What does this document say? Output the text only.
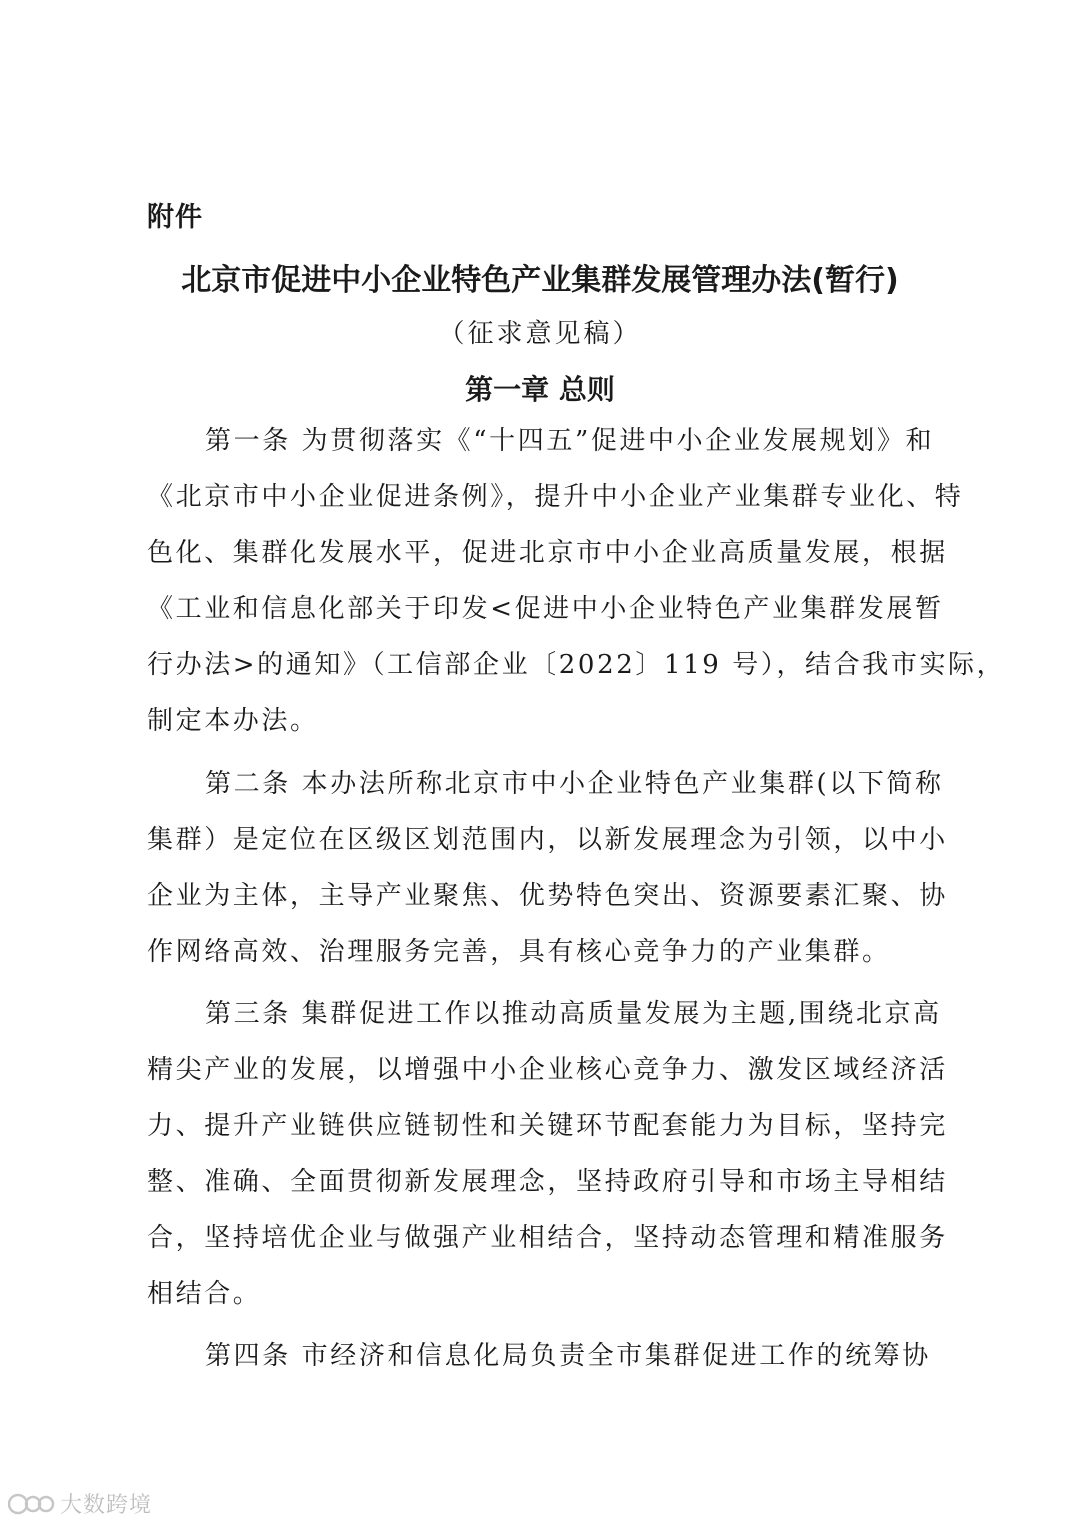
附件
北京市促进中小企业特色产业集群发展管理办法(暂行)
（征求意见稿）
第一章 总则

第一条 为贯彻落实《“十四五”促进中小企业发展规划》和
《北京市中小企业促进条例》，提升中小企业产业集群专业化、特
色化、集群化发展水平，促进北京市中小企业高质量发展，根据
《工业和信息化部关于印发<促进中小企业特色产业集群发展暂
行办法>的通知》（工信部企业〔2022〕119 号），结合我市实际，
制定本办法。

第二条 本办法所称北京市中小企业特色产业集群(以下简称
集群）是定位在区级区划范围内，以新发展理念为引领，以中小
企业为主体，主导产业聚焦、优势特色突出、资源要素汇聚、协
作网络高效、治理服务完善，具有核心竞争力的产业集群。

第三条 集群促进工作以推动高质量发展为主题,围绕北京高
精尖产业的发展，以增强中小企业核心竞争力、激发区域经济活
力、提升产业链供应链韧性和关键环节配套能力为目标，坚持完
整、准确、全面贯彻新发展理念，坚持政府引导和市场主导相结
合，坚持培优企业与做强产业相结合，坚持动态管理和精准服务
相结合。

第四条 市经济和信息化局负责全市集群促进工作的统筹协

大数跨境
